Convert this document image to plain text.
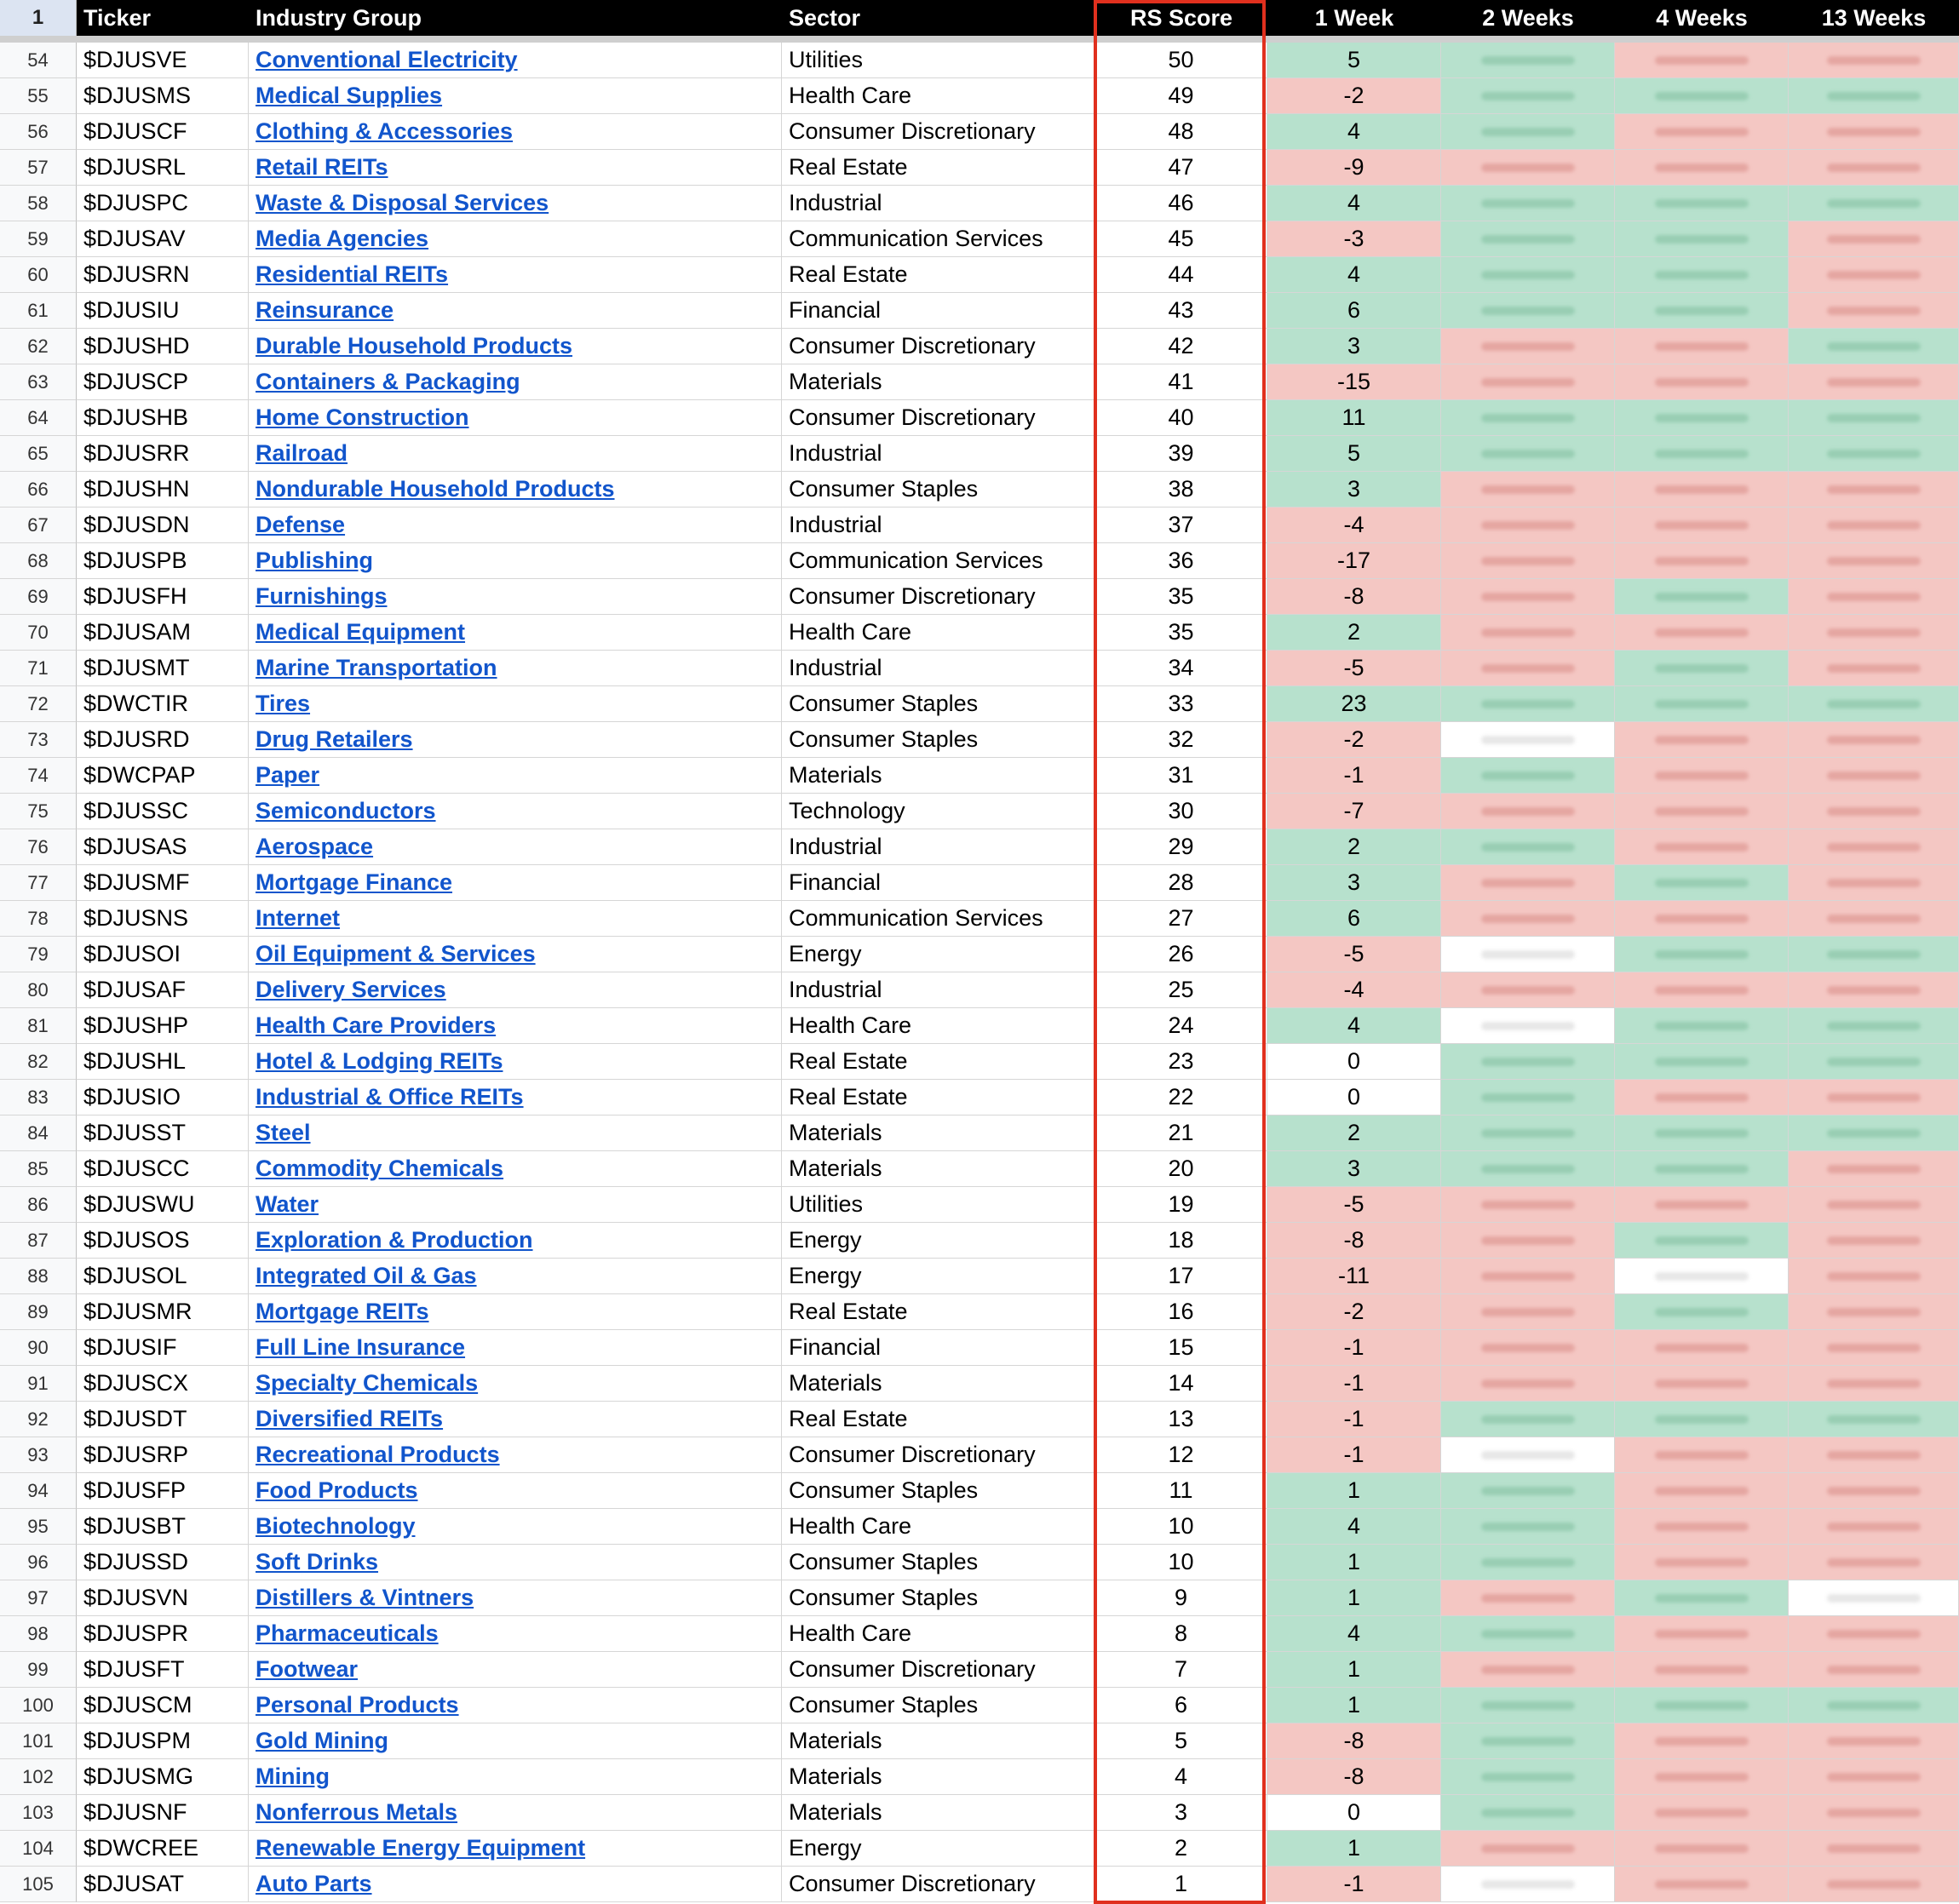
1	Ticker	Industry Group	Sector	RS Score	1 Week	2 Weeks	4 Weeks	13 Weeks
54	$DJUSVE	Conventional Electricity	Utilities	50	5
55	$DJUSMS	Medical Supplies	Health Care	49	-2
56	$DJUSCF	Clothing & Accessories	Consumer Discretionary	48	4
57	$DJUSRL	Retail REITs	Real Estate	47	-9
58	$DJUSPC	Waste & Disposal Services	Industrial	46	4
59	$DJUSAV	Media Agencies	Communication Services	45	-3
60	$DJUSRN	Residential REITs	Real Estate	44	4
61	$DJUSIU	Reinsurance	Financial	43	6
62	$DJUSHD	Durable Household Products	Consumer Discretionary	42	3
63	$DJUSCP	Containers & Packaging	Materials	41	-15
64	$DJUSHB	Home Construction	Consumer Discretionary	40	11
65	$DJUSRR	Railroad	Industrial	39	5
66	$DJUSHN	Nondurable Household Products	Consumer Staples	38	3
67	$DJUSDN	Defense	Industrial	37	-4
68	$DJUSPB	Publishing	Communication Services	36	-17
69	$DJUSFH	Furnishings	Consumer Discretionary	35	-8
70	$DJUSAM	Medical Equipment	Health Care	35	2
71	$DJUSMT	Marine Transportation	Industrial	34	-5
72	$DWCTIR	Tires	Consumer Staples	33	23
73	$DJUSRD	Drug Retailers	Consumer Staples	32	-2
74	$DWCPAP	Paper	Materials	31	-1
75	$DJUSSC	Semiconductors	Technology	30	-7
76	$DJUSAS	Aerospace	Industrial	29	2
77	$DJUSMF	Mortgage Finance	Financial	28	3
78	$DJUSNS	Internet	Communication Services	27	6
79	$DJUSOI	Oil Equipment & Services	Energy	26	-5
80	$DJUSAF	Delivery Services	Industrial	25	-4
81	$DJUSHP	Health Care Providers	Health Care	24	4
82	$DJUSHL	Hotel & Lodging REITs	Real Estate	23	0
83	$DJUSIO	Industrial & Office REITs	Real Estate	22	0
84	$DJUSST	Steel	Materials	21	2
85	$DJUSCC	Commodity Chemicals	Materials	20	3
86	$DJUSWU	Water	Utilities	19	-5
87	$DJUSOS	Exploration & Production	Energy	18	-8
88	$DJUSOL	Integrated Oil & Gas	Energy	17	-11
89	$DJUSMR	Mortgage REITs	Real Estate	16	-2
90	$DJUSIF	Full Line Insurance	Financial	15	-1
91	$DJUSCX	Specialty Chemicals	Materials	14	-1
92	$DJUSDT	Diversified REITs	Real Estate	13	-1
93	$DJUSRP	Recreational Products	Consumer Discretionary	12	-1
94	$DJUSFP	Food Products	Consumer Staples	11	1
95	$DJUSBT	Biotechnology	Health Care	10	4
96	$DJUSSD	Soft Drinks	Consumer Staples	10	1
97	$DJUSVN	Distillers & Vintners	Consumer Staples	9	1
98	$DJUSPR	Pharmaceuticals	Health Care	8	4
99	$DJUSFT	Footwear	Consumer Discretionary	7	1
100	$DJUSCM	Personal Products	Consumer Staples	6	1
101	$DJUSPM	Gold Mining	Materials	5	-8
102	$DJUSMG	Mining	Materials	4	-8
103	$DJUSNF	Nonferrous Metals	Materials	3	0
104	$DWCREE	Renewable Energy Equipment	Energy	2	1
105	$DJUSAT	Auto Parts	Consumer Discretionary	1	-1
